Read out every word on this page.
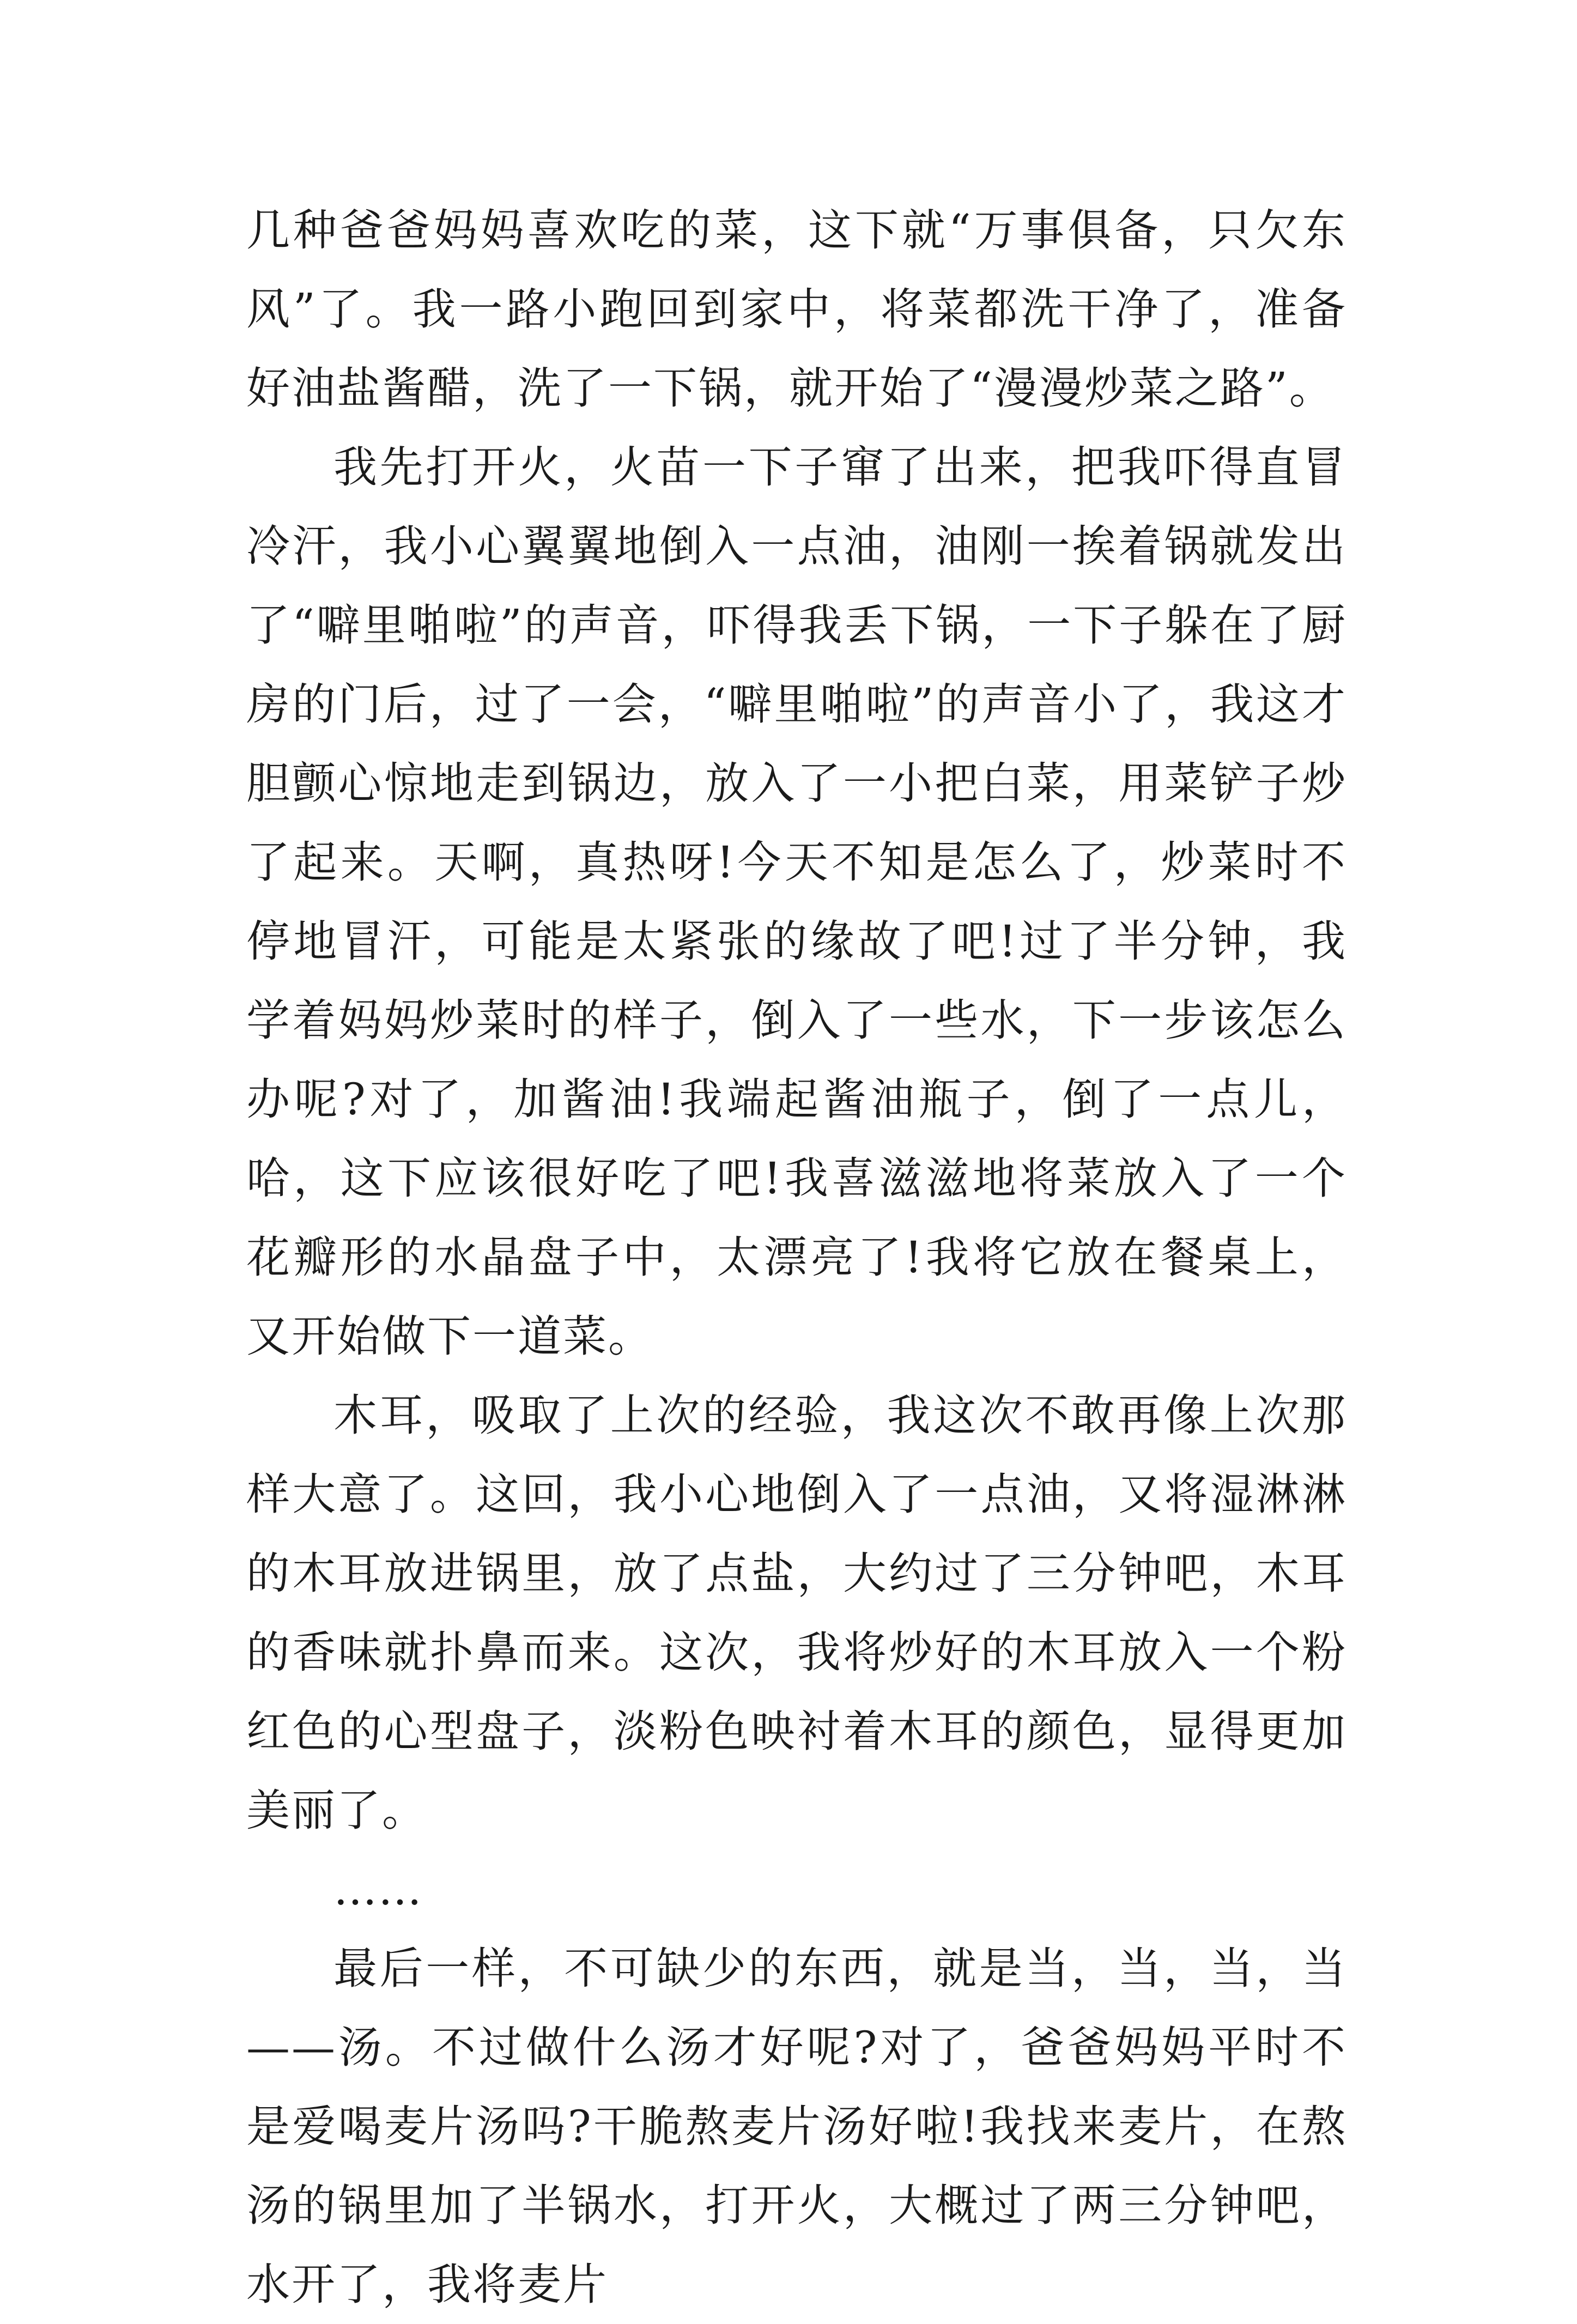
几种爸爸妈妈喜欢吃的菜，这下就“万事俱备，只欠东风”了。我一路小跑回到家中，将菜都洗干净了，准备好油盐酱醋，洗了一下锅，就开始了“漫漫炒菜之路”。

我先打开火，火苗一下子窜了出来，把我吓得直冒冷汗，我小心翼翼地倒入一点油，油刚一挨着锅就发出了“噼里啪啦”的声音，吓得我丢下锅，一下子躲在了厨房的门后，过了一会，“噼里啪啦”的声音小了，我这才胆颤心惊地走到锅边，放入了一小把白菜，用菜铲子炒了起来。天啊，真热呀!今天不知是怎么了，炒菜时不停地冒汗，可能是太紧张的缘故了吧!过了半分钟，我学着妈妈炒菜时的样子，倒入了一些水，下一步该怎么办呢?对了，加酱油!我端起酱油瓶子，倒了一点儿，哈，这下应该很好吃了吧!我喜滋滋地将菜放入了一个花瓣形的水晶盘子中，太漂亮了!我将它放在餐桌上，又开始做下一道菜。

木耳，吸取了上次的经验，我这次不敢再像上次那样大意了。这回，我小心地倒入了一点油，又将湿淋淋的木耳放进锅里，放了点盐，大约过了三分钟吧，木耳的香味就扑鼻而来。这次，我将炒好的木耳放入一个粉红色的心型盘子，淡粉色映衬着木耳的颜色，显得更加美丽了。

……

最后一样，不可缺少的东西，就是当，当，当，当——汤。不过做什么汤才好呢?对了，爸爸妈妈平时不是爱喝麦片汤吗?干脆熬麦片汤好啦!我找来麦片，在熬汤的锅里加了半锅水，打开火，大概过了两三分钟吧，水开了，我将麦片
